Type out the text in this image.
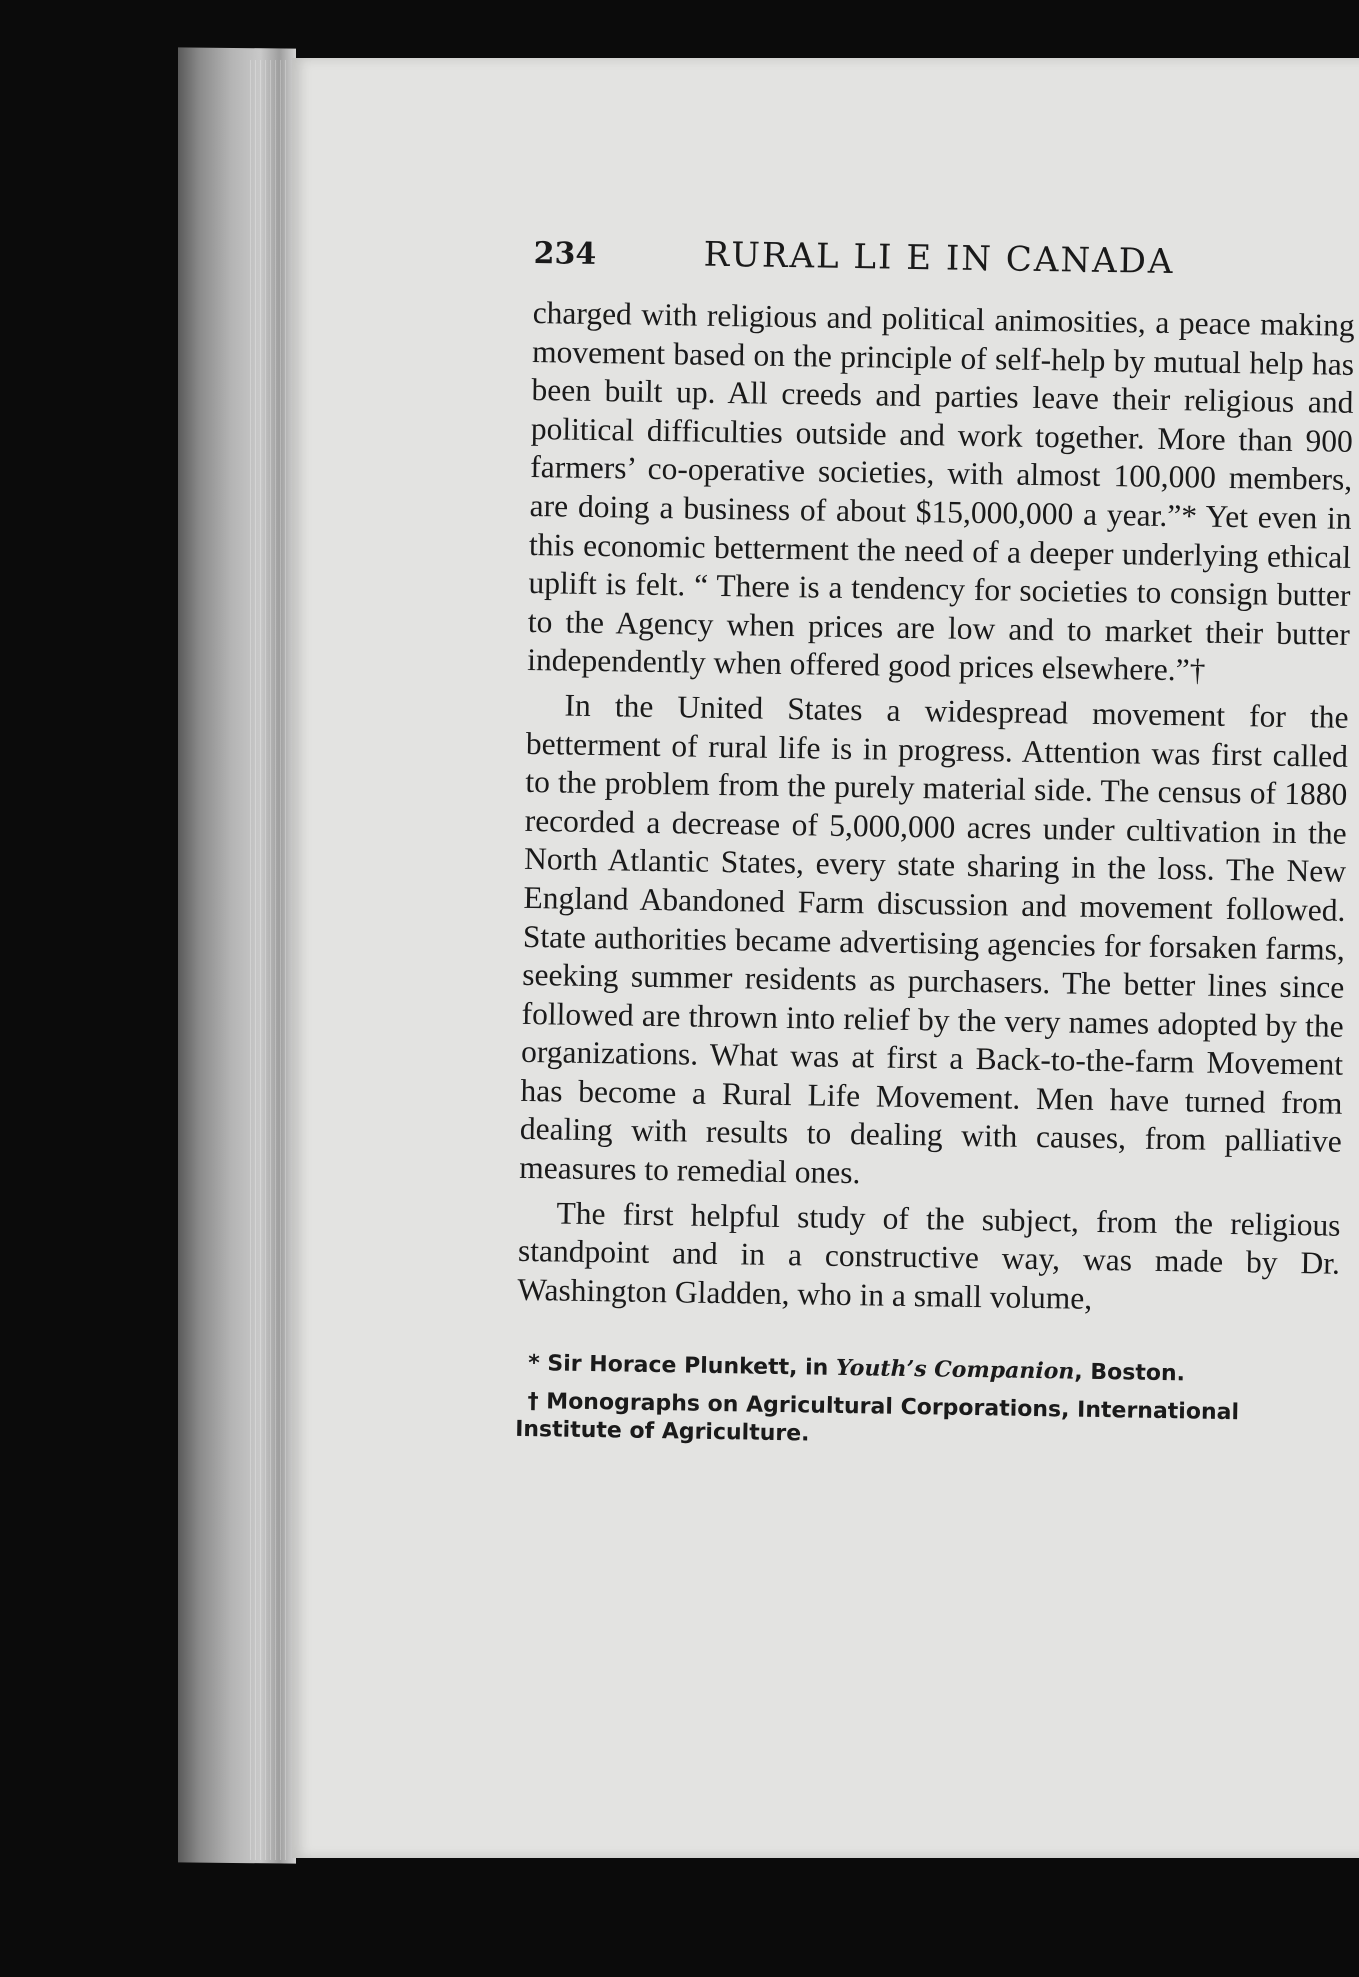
234	RURAL LI E IN CANADA

charged with religious and political animosities, a peace making movement based on the principle of self-help by mutual help has been built up. All creeds and parties leave their religious and political difficulties outside and work together. More than 900 farmers’ co-operative societies, with almost 100,000 members, are doing a business of about $15,000,000 a year.”* Yet even in this economic betterment the need of a deeper underlying ethical uplift is felt. “ There is a tendency for societies to consign butter to the Agency when prices are low and to market their butter independently when offered good prices elsewhere.”†

In the United States a widespread movement for the betterment of rural life is in progress. Attention was first called to the problem from the purely material side. The census of 1880 recorded a decrease of 5,000,000 acres under cultivation in the North Atlantic States, every state sharing in the loss. The New England Abandoned Farm discussion and movement followed. State authorities became advertising agencies for forsaken farms, seeking summer residents as purchasers. The better lines since followed are thrown into relief by the very names adopted by the organizations. What was at first a Back-to-the-farm Movement has become a Rural Life Movement. Men have turned from dealing with results to dealing with causes, from palliative measures to remedial ones.

The first helpful study of the subject, from the religious standpoint and in a constructive way, was made by Dr. Washington Gladden, who in a small volume,

* Sir Horace Plunkett, in Youth’s Companion, Boston.

† Monographs on Agricultural Corporations, International Institute of Agriculture.
